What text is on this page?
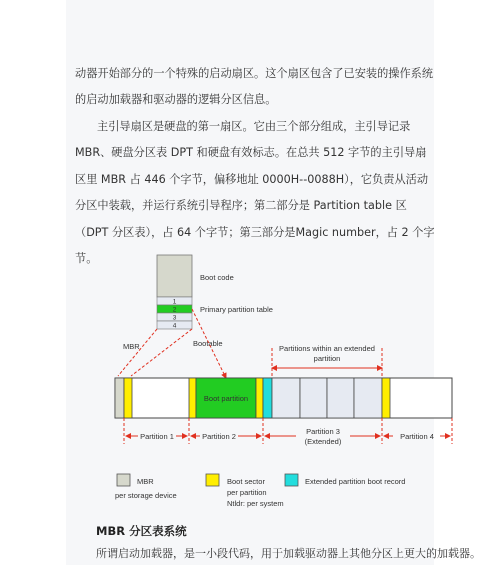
动器开始部分的一个特殊的启动扇区。这个扇区包含了已安装的操作系统的启动加载器和驱动器的逻辑分区信息。

主引导扇区是硬盘的第一扇区。它由三个部分组成，主引导记录 MBR、硬盘分区表 DPT 和硬盘有效标志。在总共 512 字节的主引导扇区里 MBR 占 446 个字节，偏移地址 0000H--0088H），它负责从活动分区中装载，并运行系统引导程序；第二部分是 Partition table 区（DPT 分区表），占 64 个字节；第三部分是Magic number，占 2 个字节。

1
2
3
4
Boot code
Primary partition table
MBR	Bootable
Partitions within an extended
partition
Boot partition
Partition 1	Partition 2
Partition 3
(Extended)
Partition 4
MBR
per storage device
Boot sector
per partition
Ntldr: per system
Extended partition boot record
MBR 分区表系统
所谓启动加载器，是一小段代码，用于加载驱动器上其他分区上更大的加载器。
